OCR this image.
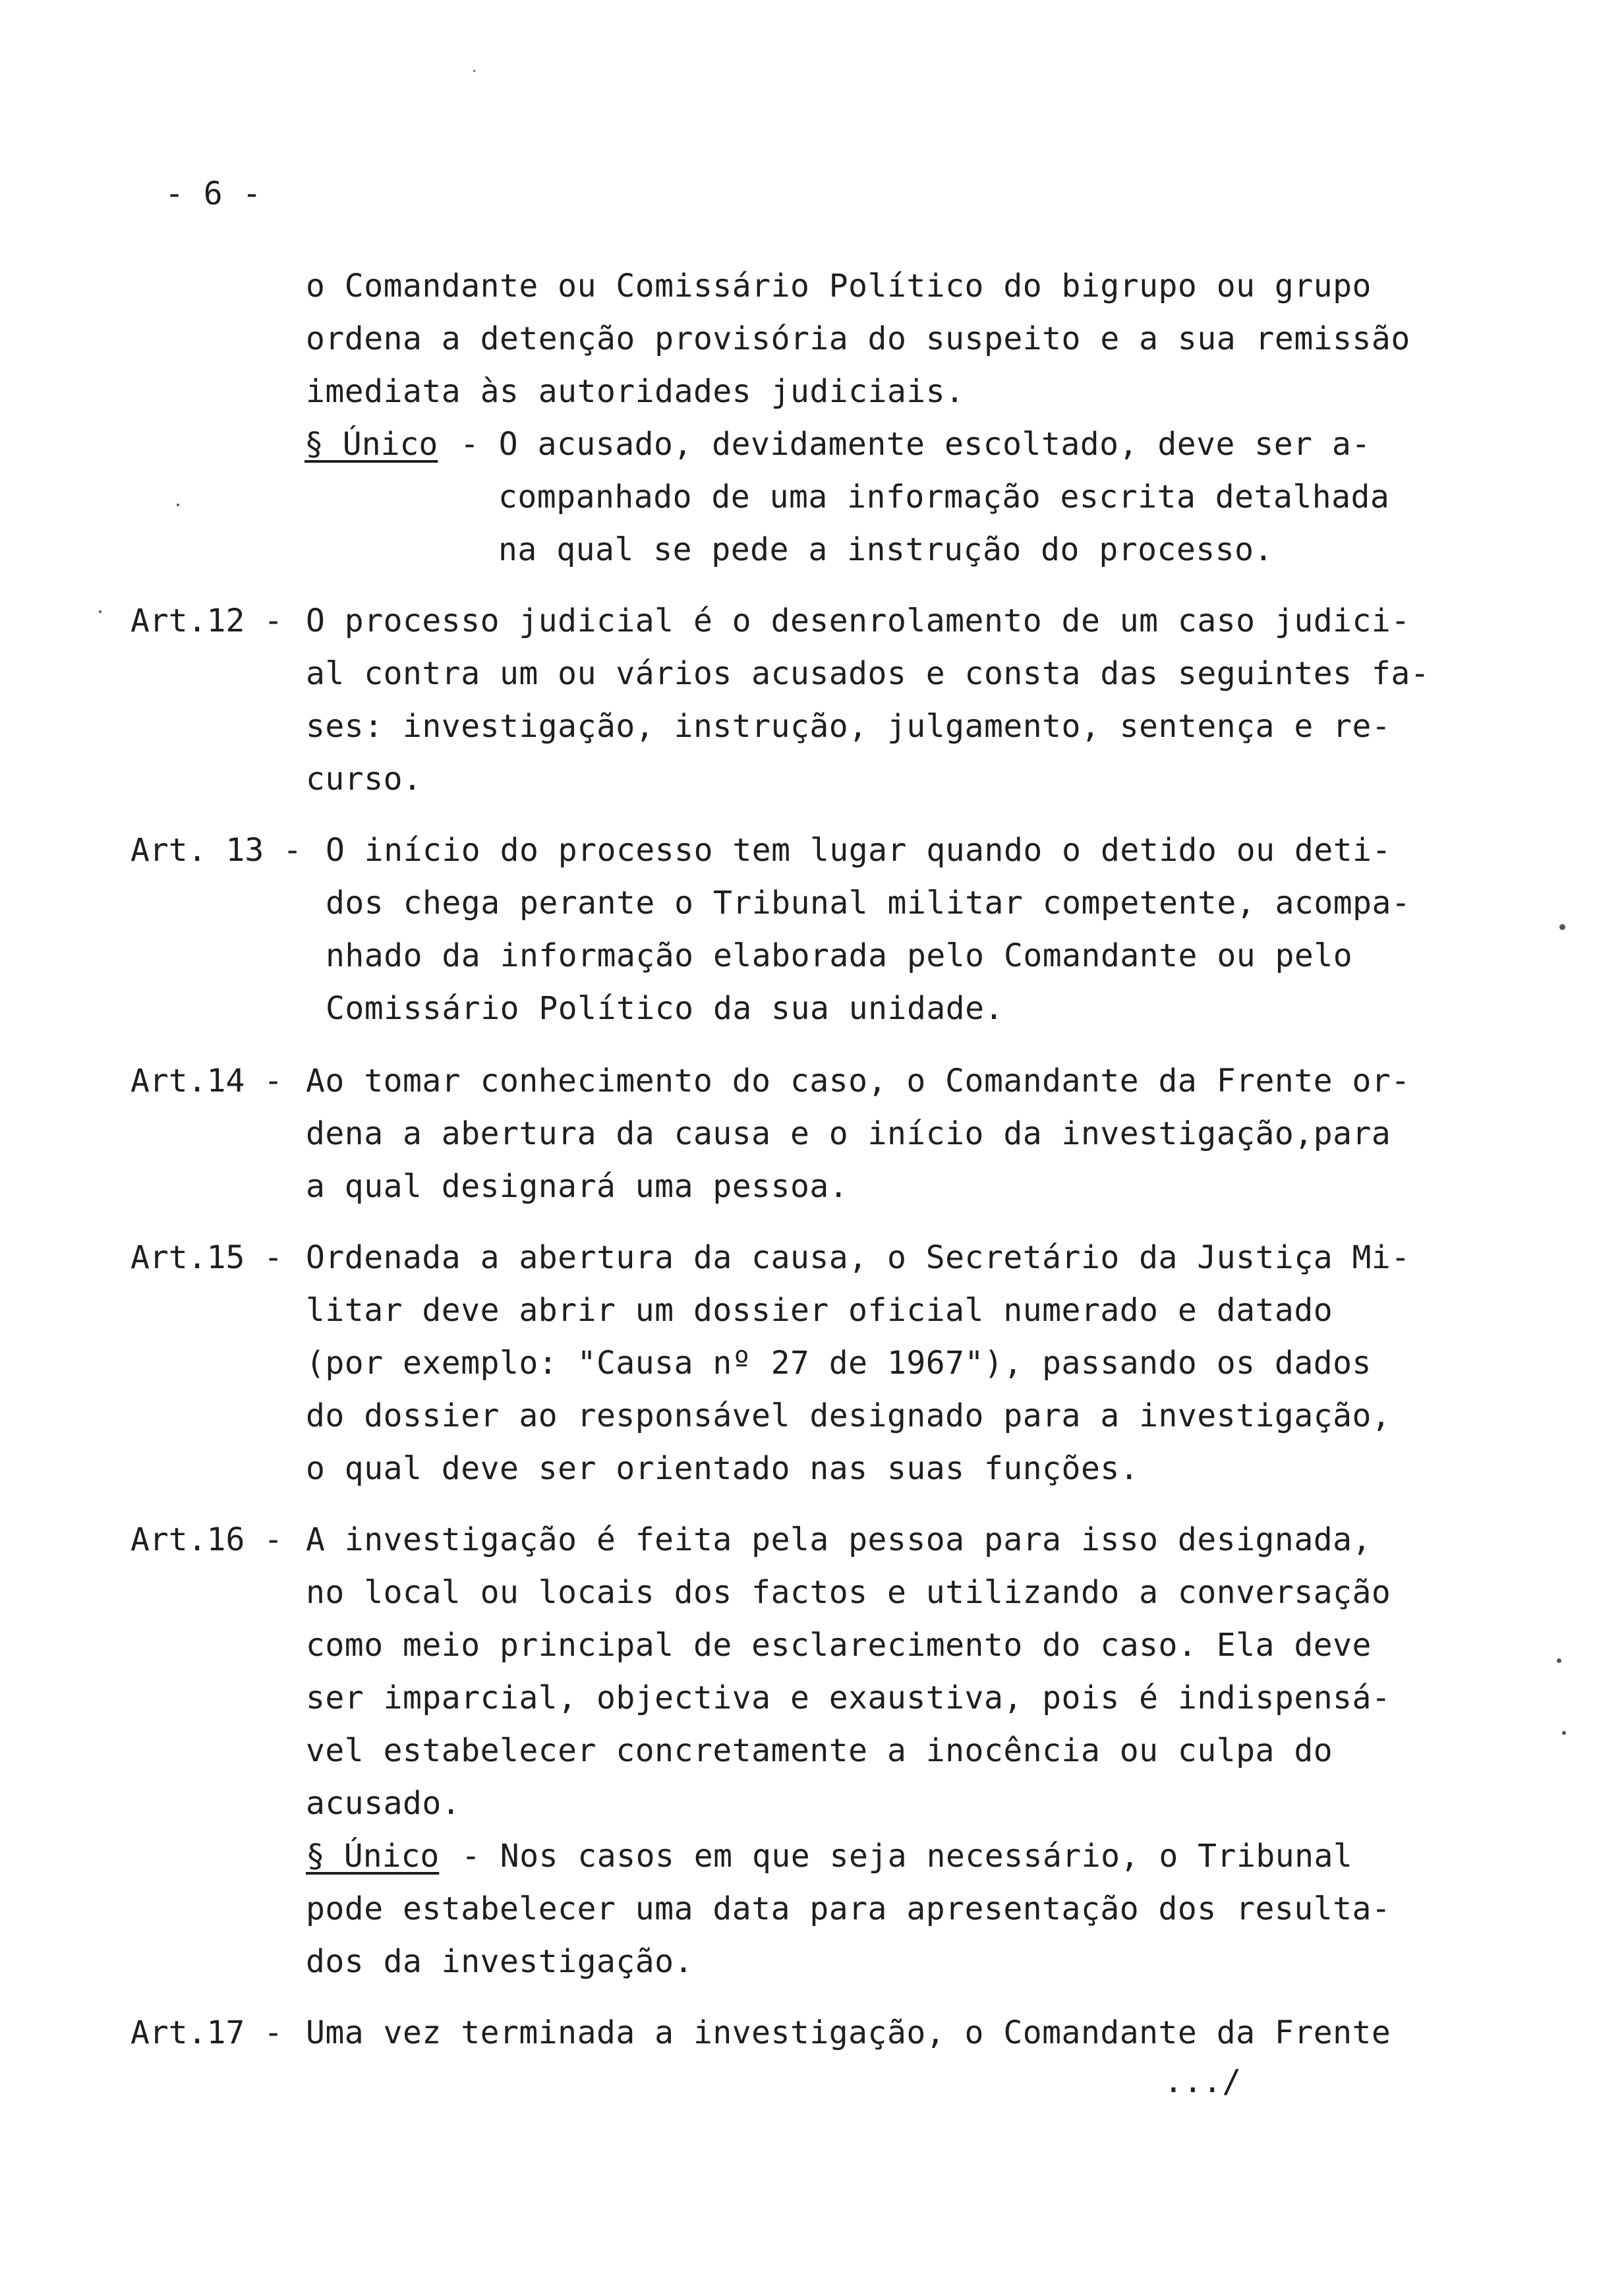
- 6 -
o Comandante ou Comissário Político do bigrupo ou grupo
ordena a detenção provisória do suspeito e a sua remissão
imediata às autoridades judiciais.
§ Único - O acusado, devidamente escoltado, deve ser a-
companhado de uma informação escrita detalhada
na qual se pede a instrução do processo.
Art.12 - O processo judicial é o desenrolamento de um caso judici-
al contra um ou vários acusados e consta das seguintes fa-
ses: investigação, instrução, julgamento, sentença e re-
curso.
Art. 13 - O início do processo tem lugar quando o detido ou deti-
dos chega perante o Tribunal militar competente, acompa-
nhado da informação elaborada pelo Comandante ou pelo
Comissário Político da sua unidade.
Art.14 - Ao tomar conhecimento do caso, o Comandante da Frente or-
dena a abertura da causa e o início da investigação,para
a qual designará uma pessoa.
Art.15 - Ordenada a abertura da causa, o Secretário da Justiça Mi-
litar deve abrir um dossier oficial numerado e datado
(por exemplo: "Causa nº 27 de 1967"), passando os dados
do dossier ao responsável designado para a investigação,
o qual deve ser orientado nas suas funções.
Art.16 - A investigação é feita pela pessoa para isso designada,
no local ou locais dos factos e utilizando a conversação
como meio principal de esclarecimento do caso. Ela deve
ser imparcial, objectiva e exaustiva, pois é indispensá-
vel estabelecer concretamente a inocência ou culpa do
acusado.
§ Único - Nos casos em que seja necessário, o Tribunal
pode estabelecer uma data para apresentação dos resulta-
dos da investigação.
Art.17 - Uma vez terminada a investigação, o Comandante da Frente
.../
